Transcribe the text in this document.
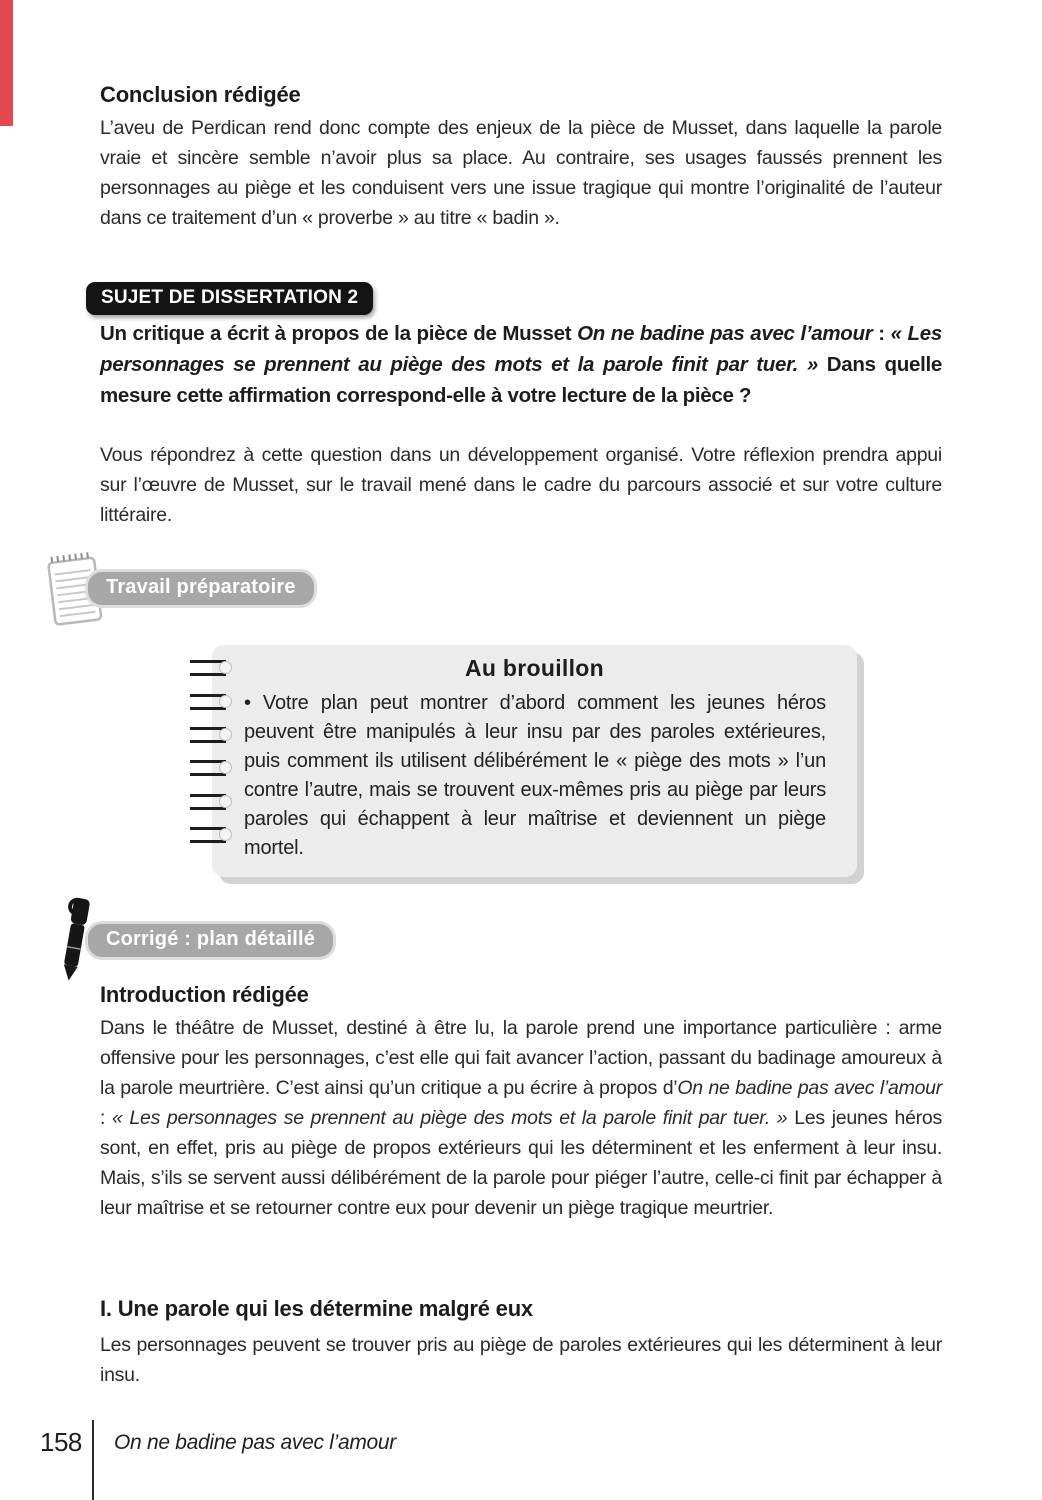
Conclusion rédigée
L’aveu de Perdican rend donc compte des enjeux de la pièce de Musset, dans laquelle la parole vraie et sincère semble n’avoir plus sa place. Au contraire, ses usages faussés prennent les personnages au piège et les conduisent vers une issue tragique qui montre l’originalité de l’auteur dans ce traitement d’un « proverbe » au titre « badin ».
SUJET DE DISSERTATION 2
Un critique a écrit à propos de la pièce de Musset On ne badine pas avec l’amour : « Les personnages se prennent au piège des mots et la parole finit par tuer. » Dans quelle mesure cette affirmation correspond-elle à votre lecture de la pièce ?
Vous répondrez à cette question dans un développement organisé. Votre réflexion prendra appui sur l’œuvre de Musset, sur le travail mené dans le cadre du parcours associé et sur votre culture littéraire.
Travail préparatoire
Au brouillon
• Votre plan peut montrer d’abord comment les jeunes héros peuvent être manipulés à leur insu par des paroles extérieures, puis comment ils utilisent délibérément le « piège des mots » l’un contre l’autre, mais se trouvent eux-mêmes pris au piège par leurs paroles qui échappent à leur maîtrise et deviennent un piège mortel.
Corrigé : plan détaillé
Introduction rédigée
Dans le théâtre de Musset, destiné à être lu, la parole prend une importance particulière : arme offensive pour les personnages, c’est elle qui fait avancer l’action, passant du badinage amoureux à la parole meurtrière. C’est ainsi qu’un critique a pu écrire à propos d’On ne badine pas avec l’amour : « Les personnages se prennent au piège des mots et la parole finit par tuer. » Les jeunes héros sont, en effet, pris au piège de propos extérieurs qui les déterminent et les enferment à leur insu. Mais, s’ils se servent aussi délibérément de la parole pour piéger l’autre, celle-ci finit par échapper à leur maîtrise et se retourner contre eux pour devenir un piège tragique meurtrier.
I. Une parole qui les détermine malgré eux
Les personnages peuvent se trouver pris au piège de paroles extérieures qui les déterminent à leur insu.
158 On ne badine pas avec l’amour
